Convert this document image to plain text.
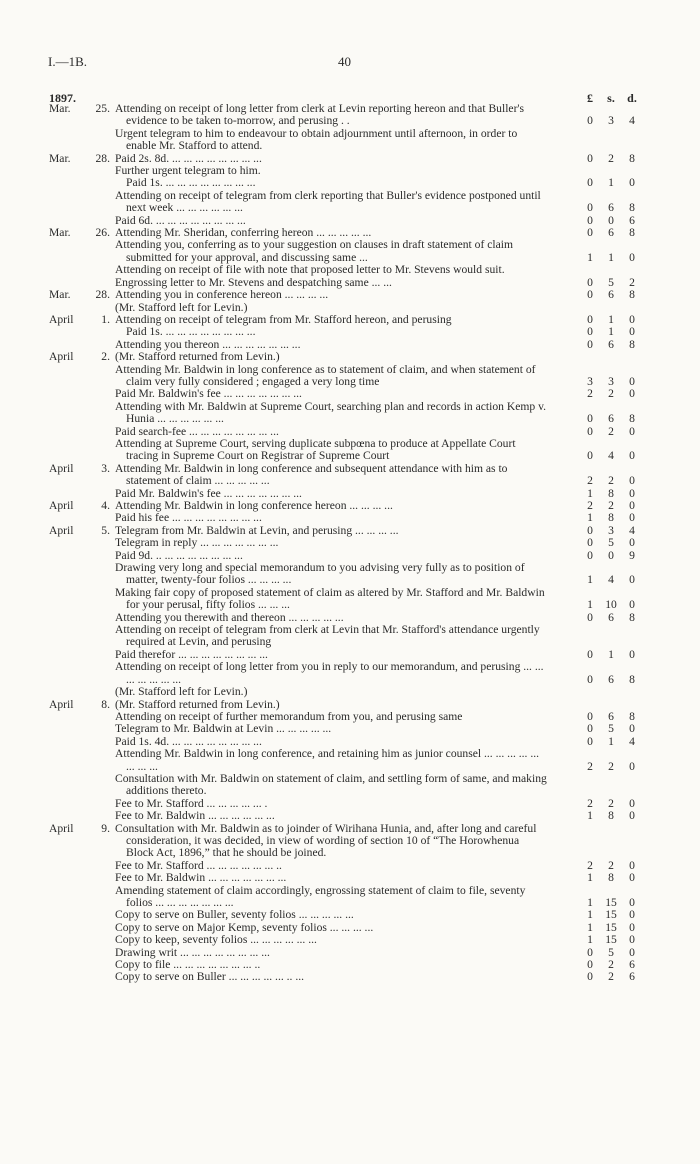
I.—1B.	40
1897.	£	s.	d.
Mar.	25. Attending on receipt of long letter from clerk at Levin reporting hereon and that Buller's evidence to be taken to-morrow, and perusing . .	0	3	4
Urgent telegram to him to endeavour to obtain adjournment until afternoon, in order to enable Mr. Stafford to attend.
Mar.	28. Paid 2s. 8d. ... ... ... ... ... ... ... ...	0	2	8
Further urgent telegram to him.
Paid 1s. ... ... ... ... ... ... ... ...	0	1	0
Attending on receipt of telegram from clerk reporting that Buller's evidence postponed until next week ... ... ... ... ... ...	0	6	8
Paid 6d. ... ... ... ... ... ... ... ...	0	0	6
Mar.	26. Attending Mr. Sheridan, conferring hereon ... ... ... ... ...	0	6	8
Attending you, conferring as to your suggestion on clauses in draft statement of claim submitted for your approval, and discussing same ...	1	1	0
Attending on receipt of file with note that proposed letter to Mr. Stevens would suit.
Engrossing letter to Mr. Stevens and despatching same ... ...	0	5	2
Mar.	28. Attending you in conference hereon ... ... ... ...	0	6	8
(Mr. Stafford left for Levin.)
April	1. Attending on receipt of telegram from Mr. Stafford hereon, and perusing	0	1	0
Paid 1s. ... ... ... ... ... ... ... ...	0	1	0
Attending you thereon ... ... ... ... ... ... ...	0	6	8
April	2. (Mr. Stafford returned from Levin.)
Attending Mr. Baldwin in long conference as to statement of claim, and when statement of claim very fully considered ; engaged a very long time	3	3	0
Paid Mr. Baldwin's fee ... ... ... ... ... ... ...	2	2	0
Attending with Mr. Baldwin at Supreme Court, searching plan and records in action Kemp v. Hunia ... ... ... ... ... ...	0	6	8
Paid search-fee ... ... ... ... ... ... ... ...	0	2	0
Attending at Supreme Court, serving duplicate subpœna to produce at Appellate Court tracing in Supreme Court on Registrar of Supreme Court	0	4	0
April	3. Attending Mr. Baldwin in long conference and subsequent attendance with him as to statement of claim ... ... ... ... ...	2	2	0
Paid Mr. Baldwin's fee ... ... ... ... ... ... ...	1	8	0
April	4. Attending Mr. Baldwin in long conference hereon ... ... ... ...	2	2	0
Paid his fee ... ... ... ... ... ... ... ...	1	8	0
April	5. Telegram from Mr. Baldwin at Levin, and perusing ... ... ... ...	0	3	4
Telegram in reply ... ... ... ... ... ... ...	0	5	0
Paid 9d. .. ... ... ... ... ... ... ...	0	0	9
Drawing very long and special memorandum to you advising very fully as to position of matter, twenty-four folios ... ... ... ...	1	4	0
Making fair copy of proposed statement of claim as altered by Mr. Stafford and Mr. Baldwin for your perusal, fifty folios ... ... ...	1	10	0
Attending you therewith and thereon ... ... ... ... ...	0	6	8
Attending on receipt of telegram from clerk at Levin that Mr. Stafford's attendance urgently required at Levin, and perusing
Paid therefor ... ... ... ... ... ... ... ...	0	1	0
Attending on receipt of long letter from you in reply to our memorandum, and perusing ... ... ... ... ... ... ...	0	6	8
(Mr. Stafford left for Levin.)
April	8. (Mr. Stafford returned from Levin.)
Attending on receipt of further memorandum from you, and perusing same	0	6	8
Telegram to Mr. Baldwin at Levin ... ... ... ... ...	0	5	0
Paid 1s. 4d. ... ... ... ... ... ... ... ...	0	1	4
Attending Mr. Baldwin in long conference, and retaining him as junior counsel ... ... ... ... ... ... ... ...	2	2	0
Consultation with Mr. Baldwin on statement of claim, and settling form of same, and making additions thereto.
Fee to Mr. Stafford ... ... ... ... ... .	2	2	0
Fee to Mr. Baldwin ... ... ... ... ... ...	1	8	0
April	9. Consultation with Mr. Baldwin as to joinder of Wirihana Hunia, and, after long and careful consideration, it was decided, in view of wording of section 10 of “The Horowhenua Block Act, 1896,” that he should be joined.
Fee to Mr. Stafford ... ... ... ... ... ... ..	2	2	0
Fee to Mr. Baldwin ... ... ... ... ... ... ...	1	8	0
Amending statement of claim accordingly, engrossing statement of claim to file, seventy folios ... ... ... ... ... ... ...	1	15	0
Copy to serve on Buller, seventy folios ... ... ... ... ...	1	15	0
Copy to serve on Major Kemp, seventy folios ... ... ... ...	1	15	0
Copy to keep, seventy folios ... ... ... ... ... ...	1	15	0
Drawing writ ... ... ... ... ... ... ... ...	0	5	0
Copy to file ... ... ... ... ... ... ... ..	0	2	6
Copy to serve on Buller ... ... ... ... ... .. ...	0	2	6
